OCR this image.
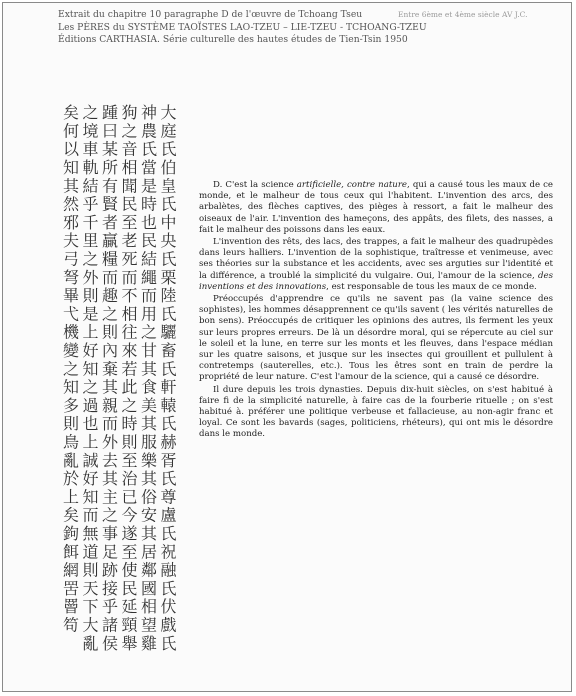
Extrait du chapitre 10 paragraphe D de l'œuvre de Tchoang Tseu
Les PÈRES du SYSTÈME TAOÏSTES LAO-TZEU – LIE-TZEU - TCHOANG-TZEU
Éditions CARTHASIA. Série culturelle des hautes études de Tien-Tsin 1950
Entre 6ème et 4ème siècle AV J.C.

大庭氏伯皇氏中央氏栗陸氏驪畜氏軒轅氏赫胥氏尊盧氏祝融氏伏戲氏

神農氏當是時也民結繩而用之甘其食美其服樂其俗安其居鄰國相望雞

狗之音相聞民至老死而不相往來若此之時則至治已今遂至使民延頸舉

踵曰某所有賢者贏糧而趣之則內棄其親而外去其主之事足跡接乎諸侯

之境車軌結乎千里之外則是上好知之過也上誠好知而無道則天下大亂

矣何以知其然邪夫弓弩畢弋機變之知多則鳥亂於上矣鉤餌網罟罾笱	D. C'est la science artificielle, contre nature, qui a causé tous les maux de ce monde, et le malheur de tous ceux qui l'habitent. L'invention des arcs, des arbalètes, des flèches captives, des pièges à ressort, a fait le malheur des oiseaux de l'air. L'invention des hameçons, des appâts, des filets, des nasses, a fait le malheur des poissons dans les eaux.

L'invention des rêts, des lacs, des trappes, a fait le malheur des quadrupèdes dans leurs halliers. L'invention de la sophistique, traîtresse et venimeuse, avec ses théories sur la substance et les accidents, avec ses arguties sur l'identité et la différence, a troublé la simplicité du vulgaire. Oui, l'amour de la science, des inventions et des innovations, est responsable de tous les maux de ce monde.

Préoccupés d'apprendre ce qu'ils ne savent pas (la vaine science des sophistes), les hommes désapprennent ce qu'ils savent ( les vérités naturelles de bon sens). Préoccupés de critiquer les opinions des autres, ils ferment les yeux sur leurs propres erreurs. De là un désordre moral, qui se répercute au ciel sur le soleil et la lune, en terre sur les monts et les fleuves, dans l'espace médian sur les quatre saisons, et jusque sur les insectes qui grouillent et pullulent à contretemps (sauterelles, etc.). Tous les êtres sont en train de perdre la propriété de leur nature. C'est l'amour de la science, qui a causé ce désordre.

Il dure depuis les trois dynasties. Depuis dix-huit siècles, on s'est habitué à faire fi de la simplicité naturelle, à faire cas de la fourberie rituelle ; on s'est habitué à. préférer une politique verbeuse et fallacieuse, au non-agir franc et loyal. Ce sont les bavards (sages, politiciens, rhéteurs), qui ont mis le désordre dans le monde.
